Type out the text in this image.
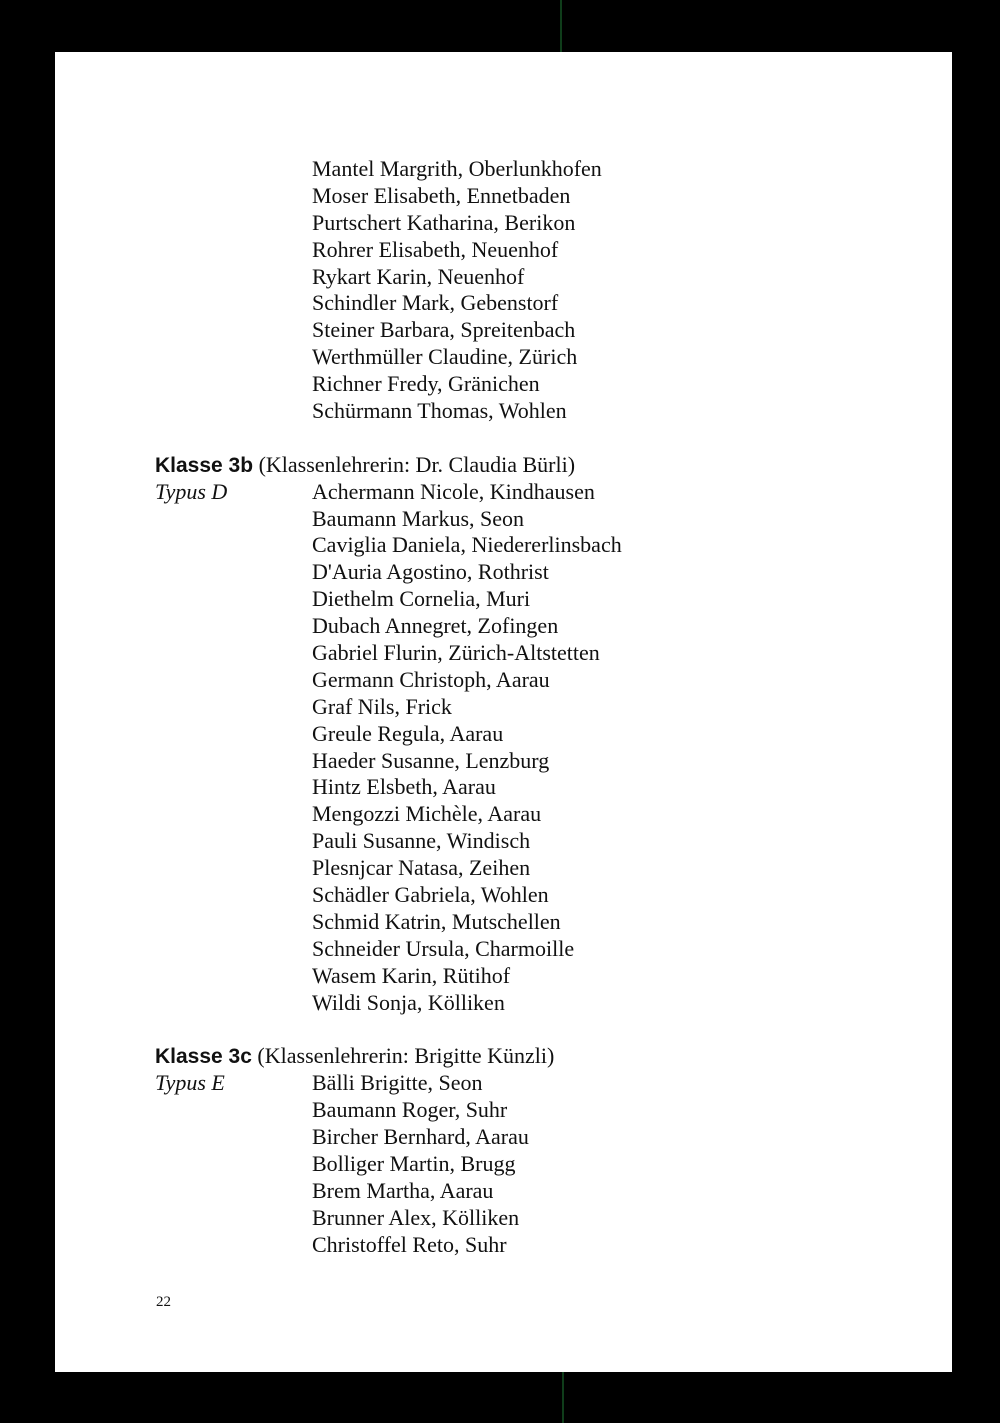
Mantel Margrith, Oberlunkhofen
Moser Elisabeth, Ennetbaden
Purtschert Katharina, Berikon
Rohrer Elisabeth, Neuenhof
Rykart Karin, Neuenhof
Schindler Mark, Gebenstorf
Steiner Barbara, Spreitenbach
Werthmüller Claudine, Zürich
Richner Fredy, Gränichen
Schürmann Thomas, Wohlen
Klasse 3b (Klassenlehrerin: Dr. Claudia Bürli)
Typus D	Achermann Nicole, Kindhausen
Baumann Markus, Seon
Caviglia Daniela, Niedererlinsbach
D'Auria Agostino, Rothrist
Diethelm Cornelia, Muri
Dubach Annegret, Zofingen
Gabriel Flurin, Zürich-Altstetten
Germann Christoph, Aarau
Graf Nils, Frick
Greule Regula, Aarau
Haeder Susanne, Lenzburg
Hintz Elsbeth, Aarau
Mengozzi Michèle, Aarau
Pauli Susanne, Windisch
Plesnjcar Natasa, Zeihen
Schädler Gabriela, Wohlen
Schmid Katrin, Mutschellen
Schneider Ursula, Charmoille
Wasem Karin, Rütihof
Wildi Sonja, Kölliken
Klasse 3c (Klassenlehrerin: Brigitte Künzli)
Typus E	Bälli Brigitte, Seon
Baumann Roger, Suhr
Bircher Bernhard, Aarau
Bolliger Martin, Brugg
Brem Martha, Aarau
Brunner Alex, Kölliken
Christoffel Reto, Suhr
22
